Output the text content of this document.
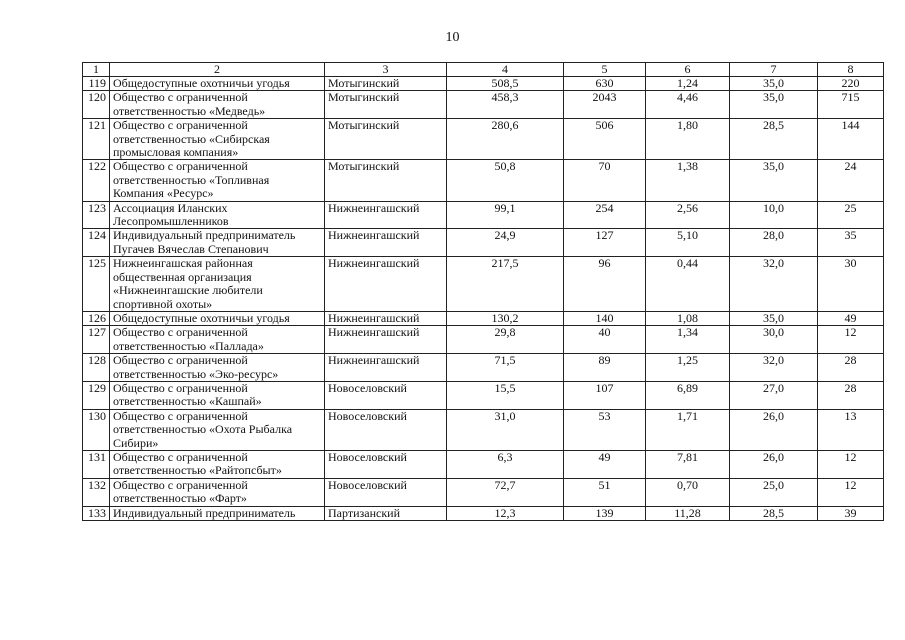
10
1	2	3	4	5	6	7	8
119	Общедоступные охотничьи угодья	Мотыгинский	508,5	630	1,24	35,0	220
120	Общество с ограниченной ответственностью «Медведь»	Мотыгинский	458,3	2043	4,46	35,0	715
121	Общество с ограниченной ответственностью «Сибирская промысловая компания»	Мотыгинский	280,6	506	1,80	28,5	144
122	Общество с ограниченной ответственностью «Топливная Компания «Ресурс»	Мотыгинский	50,8	70	1,38	35,0	24
123	Ассоциация Иланских Лесопромышленников	Нижнеингашский	99,1	254	2,56	10,0	25
124	Индивидуальный предприниматель Пугачев Вячеслав Степанович	Нижнеингашский	24,9	127	5,10	28,0	35
125	Нижнеингашская районная общественная организация «Нижнеингашские любители спортивной охоты»	Нижнеингашский	217,5	96	0,44	32,0	30
126	Общедоступные охотничьи угодья	Нижнеингашский	130,2	140	1,08	35,0	49
127	Общество с ограниченной ответственностью «Паллада»	Нижнеингашский	29,8	40	1,34	30,0	12
128	Общество с ограниченной ответственностью «Эко-ресурс»	Нижнеингашский	71,5	89	1,25	32,0	28
129	Общество с ограниченной ответственностью «Кашпай»	Новоселовский	15,5	107	6,89	27,0	28
130	Общество с ограниченной ответственностью «Охота Рыбалка Сибири»	Новоселовский	31,0	53	1,71	26,0	13
131	Общество с ограниченной ответственностью «Райтопсбыт»	Новоселовский	6,3	49	7,81	26,0	12
132	Общество с ограниченной ответственностью «Фарт»	Новоселовский	72,7	51	0,70	25,0	12
133	Индивидуальный предприниматель	Партизанский	12,3	139	11,28	28,5	39
